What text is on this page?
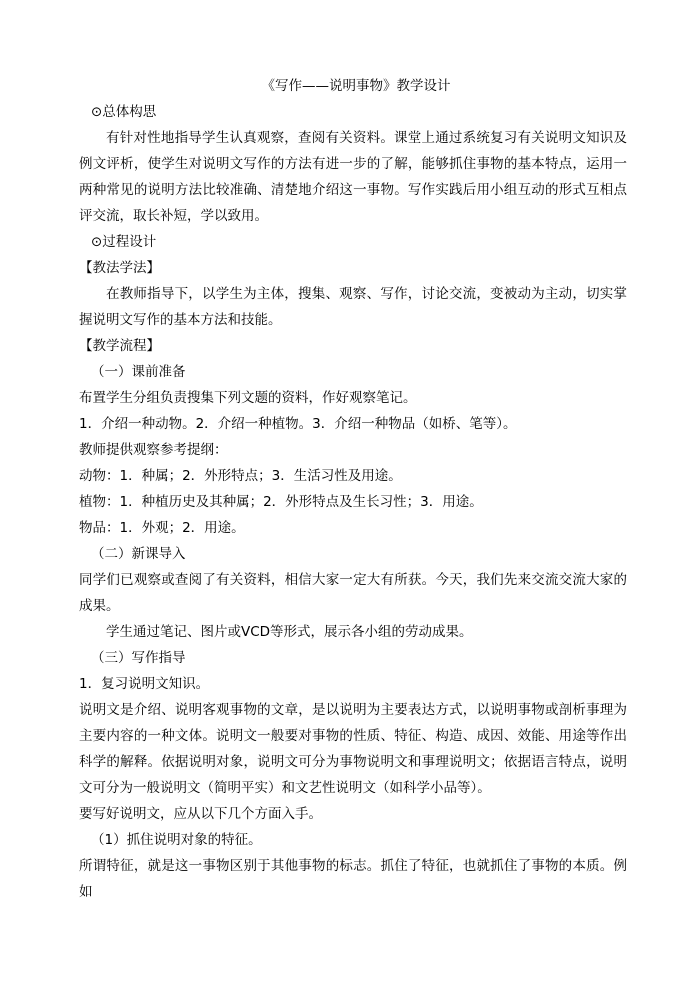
《写作——说明事物》教学设计

⊙总体构思

有针对性地指导学生认真观察，查阅有关资料。课堂上通过系统复习有关说明文知识及例文评析，使学生对说明文写作的方法有进一步的了解，能够抓住事物的基本特点，运用一两种常见的说明方法比较准确、清楚地介绍这一事物。写作实践后用小组互动的形式互相点评交流，取长补短，学以致用。

⊙过程设计

【教法学法】

在教师指导下，以学生为主体，搜集、观察、写作，讨论交流，变被动为主动，切实掌握说明文写作的基本方法和技能。

【教学流程】

（一）课前准备

布置学生分组负责搜集下列文题的资料，作好观察笔记。

1．介绍一种动物。2．介绍一种植物。3．介绍一种物品（如桥、笔等）。

教师提供观察参考提纲：

动物：1．种属；2．外形特点；3．生活习性及用途。

植物：1．种植历史及其种属；2．外形特点及生长习性；3．用途。

物品：1．外观；2．用途。

（二）新课导入

同学们已观察或查阅了有关资料，相信大家一定大有所获。今天，我们先来交流交流大家的成果。

学生通过笔记、图片或VCD等形式，展示各小组的劳动成果。

（三）写作指导

1．复习说明文知识。

说明文是介绍、说明客观事物的文章，是以说明为主要表达方式，以说明事物或剖析事理为主要内容的一种文体。说明文一般要对事物的性质、特征、构造、成因、效能、用途等作出科学的解释。依据说明对象，说明文可分为事物说明文和事理说明文；依据语言特点，说明文可分为一般说明文（简明平实）和文艺性说明文（如科学小品等）。

要写好说明文，应从以下几个方面入手。

（1）抓住说明对象的特征。

所谓特征，就是这一事物区别于其他事物的标志。抓住了特征，也就抓住了事物的本质。例如
